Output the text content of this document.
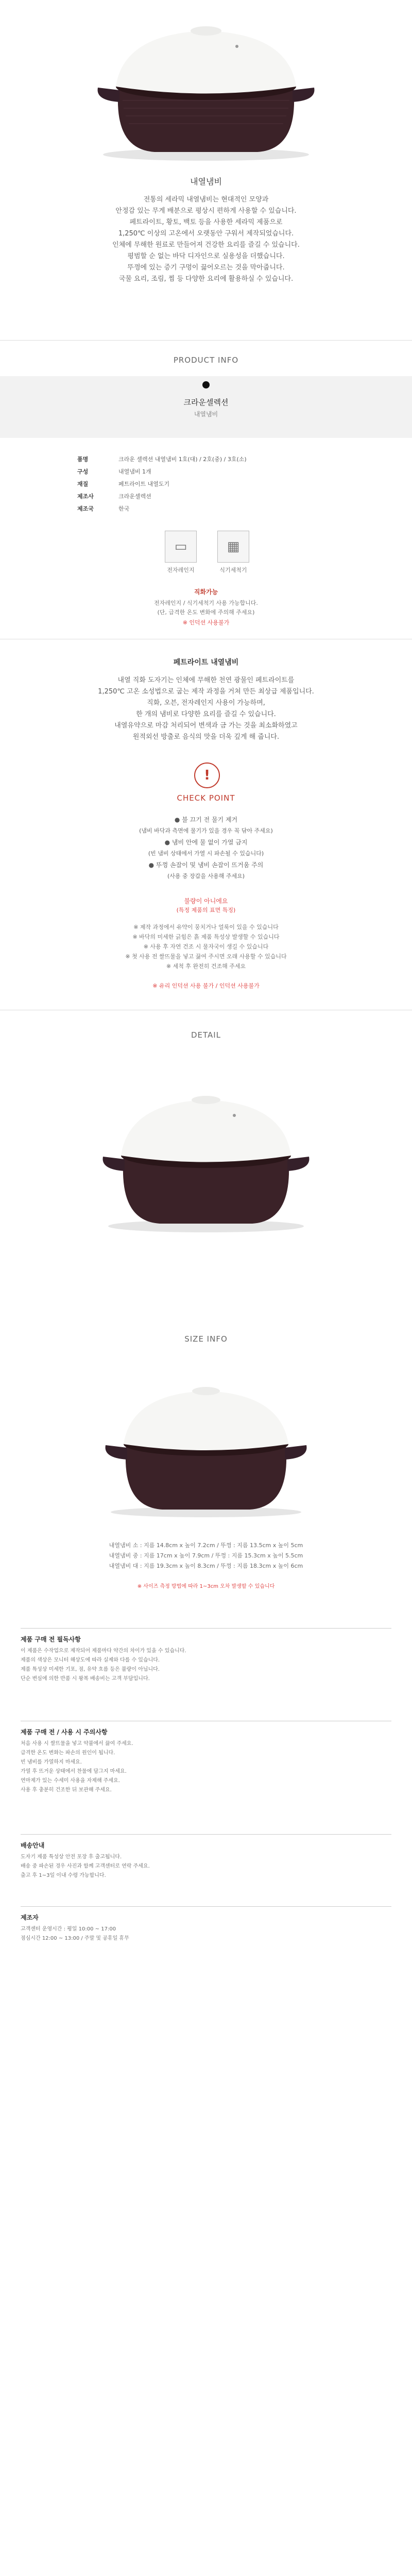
내열냄비
전통의 세라믹 내열냄비는 현대적인 모양과
안정감 있는 무게 배분으로 평상시 편하게 사용할 수 있습니다.
페트라이트, 황토, 백토 등을 사용한 세라믹 제품으로
1,250℃ 이상의 고온에서 오랫동안 구워서 제작되었습니다.
인체에 무해한 원료로 만들어져 건강한 요리를 즐길 수 있습니다.
평범할 순 없는 바닥 디자인으로 실용성을 더했습니다.
뚜껑에 있는 증기 구멍이 끓어오르는 것을 막아줍니다.
국물 요리, 조림, 찜 등 다양한 요리에 활용하실 수 있습니다.
PRODUCT INFO
크라운셀렉션
내열냄비
품명	크라운 셀렉션 내열냄비 1호(대) / 2호(중) / 3호(소)
구성	내열냄비 1개
재질	페트라이트 내열도기
제조사	크라운셀렉션
제조국	한국
▭
전자레인지
▦
식기세척기
직화가능
전자레인지 / 식기세척기 사용 가능합니다.
(단, 급격한 온도 변화에 주의해 주세요)
※ 인덕션 사용불가
페트라이트 내열냄비
내열 직화 도자기는 인체에 무해한 천연 광물인 페트라이트를
1,250℃ 고온 소성법으로 굽는 제작 과정을 거쳐 만든 최상급 제품입니다.
직화, 오븐, 전자레인지 사용이 가능하며,
한 개의 냄비로 다양한 요리를 즐길 수 있습니다.
내열유약으로 마감 처리되어 변색과 금 가는 것을 최소화하였고
원적외선 방출로 음식의 맛을 더욱 깊게 해 줍니다.
!
CHECK POINT
● 불 끄기 전 물기 제거
(냄비 바닥과 측면에 물기가 있을 경우 꼭 닦아 주세요)
● 냄비 안에 물 없이 가열 금지
(빈 냄비 상태에서 가열 시 파손될 수 있습니다)
● 뚜껑 손잡이 및 냄비 손잡이 뜨거움 주의
(사용 중 장갑을 사용해 주세요)
불량이 아니에요
(특정 제품의 표면 특징)
※ 제작 과정에서 유약이 뭉치거나 얼룩이 있을 수 있습니다
※ 바닥의 미세한 긁힘은 흙 제품 특성상 발생할 수 있습니다
※ 사용 후 자연 건조 시 물자국이 생길 수 있습니다
※ 첫 사용 전 쌀뜨물을 넣고 끓여 주시면 오래 사용할 수 있습니다
※ 세척 후 완전히 건조해 주세요
※ 유리 인덕션 사용 불가 / 인덕션 사용불가
DETAIL
SIZE INFO
내열냄비 소 : 지름 14.8cm x 높이 7.2cm / 뚜껑 : 지름 13.5cm x 높이 5cm
내열냄비 중 : 지름 17cm x 높이 7.9cm / 뚜껑 : 지름 15.3cm x 높이 5.5cm
내열냄비 대 : 지름 19.3cm x 높이 8.3cm / 뚜껑 : 지름 18.3cm x 높이 6cm
※ 사이즈 측정 방법에 따라 1~3cm 오차 발생할 수 있습니다
제품 구매 전 필독사항
이 제품은 수작업으로 제작되어 제품마다 약간의 차이가 있을 수 있습니다.
제품의 색상은 모니터 해상도에 따라 실제와 다를 수 있습니다.
제품 특성상 미세한 기포, 점, 유약 흐름 등은 불량이 아닙니다.
단순 변심에 의한 반품 시 왕복 배송비는 고객 부담입니다.
제품 구매 전 / 사용 시 주의사항
처음 사용 시 쌀뜨물을 넣고 약불에서 끓여 주세요.
급격한 온도 변화는 파손의 원인이 됩니다.
빈 냄비를 가열하지 마세요.
가열 후 뜨거운 상태에서 찬물에 담그지 마세요.
연마제가 있는 수세미 사용을 자제해 주세요.
사용 후 충분히 건조한 뒤 보관해 주세요.
배송안내
도자기 제품 특성상 안전 포장 후 출고됩니다.
배송 중 파손된 경우 사진과 함께 고객센터로 연락 주세요.
출고 후 1~3일 이내 수령 가능합니다.
제조자
고객센터 운영시간 : 평일 10:00 ~ 17:00
점심시간 12:00 ~ 13:00 / 주말 및 공휴일 휴무
